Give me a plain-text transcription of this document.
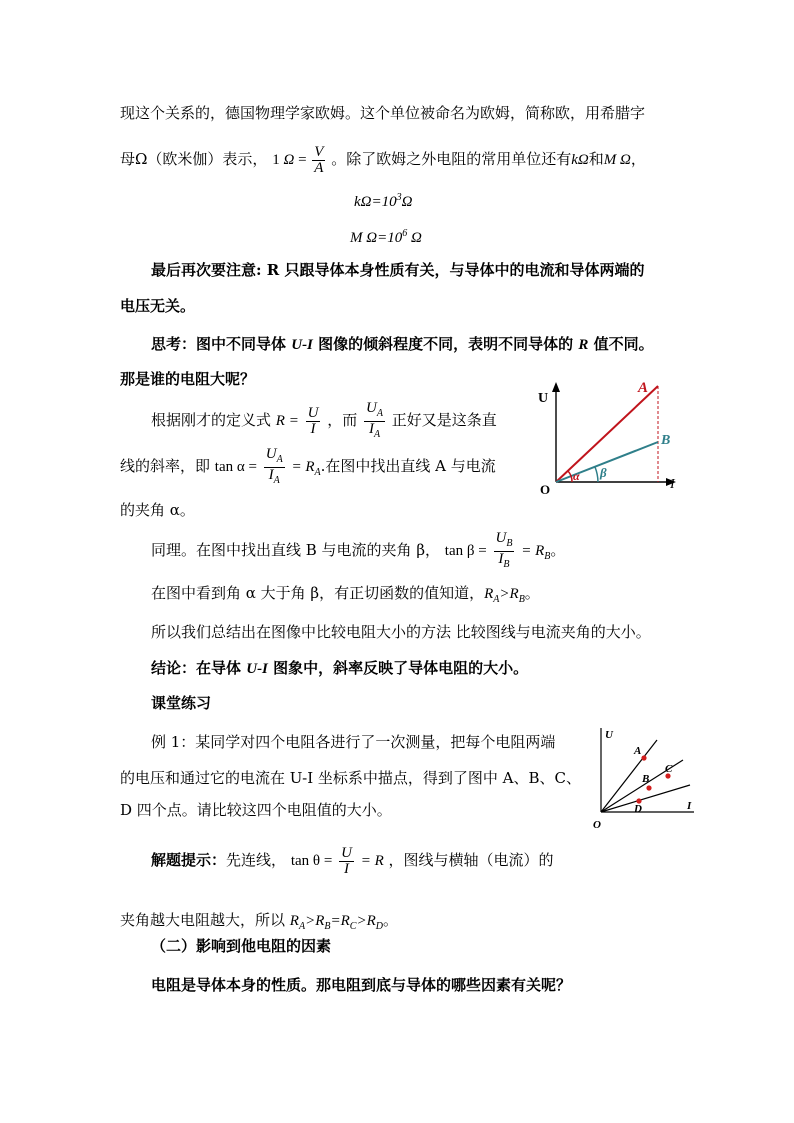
现这个关系的，德国物理学家欧姆。这个单位被命名为欧姆，简称欧，用希腊字
母Ω（欧米伽）表示， 1 $\Omega = \frac{V}{A}$ 。除了欧姆之外电阻的常用单位还有kΩ和M Ω，
$k\Omega=10^3\Omega$
M $\Omega=10^6$ Ω
最后再次要注意: R 只跟导体本身性质有关，与导体中的电流和导体两端的
电压无关。
思考：图中不同导体 U-I 图像的倾斜程度不同，表明不同导体的 R 值不同。
那是谁的电阻大呢？
根据刚才的定义式 $R = \frac{U}{I}$ ，而 $\frac{U_A}{I_A}$ 正好又是这条直
线的斜率，即 $\tan \alpha = \frac{U_A}{I_A} = R_A$.在图中找出直线 A 与电流
的夹角 α。
同理。在图中找出直线 B 与电流的夹角 β， $\tan \beta = \frac{U_B}{I_B} = R_B$。
在图中看到角 α 大于角 β，有正切函数的值知道，$R_A>R_B$。
所以我们总结出在图像中比较电阻大小的方法 比较图线与电流夹角的大小。
结论：在导体 U-I 图象中，斜率反映了导体电阻的大小。
课堂练习
例 1：某同学对四个电阻各进行了一次测量，把每个电阻两端
的电压和通过它的电流在 U-I 坐标系中描点，得到了图中 A、B、C、
D 四个点。请比较这四个电阻值的大小。
解题提示：先连线， $\tan \theta = \frac{U}{I} = R$ ，图线与横轴（电流）的
夹角越大电阻越大，所以 $R_A>R_B=R_C>R_D$。
（二）影响到他电阻的因素
电阻是导体本身的性质。那电阻到底与导体的哪些因素有关呢？
U
I
O
A
B
α β
U
I
O
A
B
C
D
